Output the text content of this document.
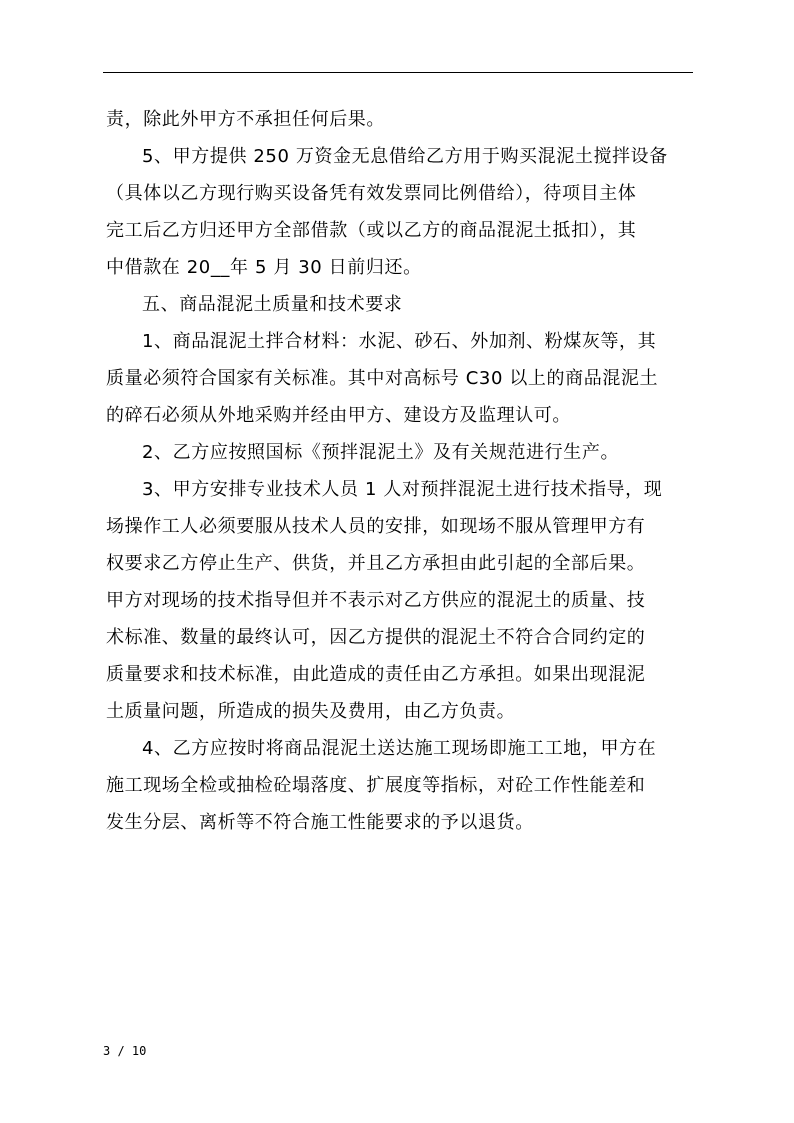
责，除此外甲方不承担任何后果。
5、甲方提供 250 万资金无息借给乙方用于购买混泥土搅拌设备
（具体以乙方现行购买设备凭有效发票同比例借给），待项目主体
完工后乙方归还甲方全部借款（或以乙方的商品混泥土抵扣），其
中借款在 20__年 5 月 30 日前归还。
五、商品混泥土质量和技术要求
1、商品混泥土拌合材料：水泥、砂石、外加剂、粉煤灰等，其
质量必须符合国家有关标准。其中对高标号 C30 以上的商品混泥土
的碎石必须从外地采购并经由甲方、建设方及监理认可。
2、乙方应按照国标《预拌混泥土》及有关规范进行生产。
3、甲方安排专业技术人员 1 人对预拌混泥土进行技术指导，现
场操作工人必须要服从技术人员的安排，如现场不服从管理甲方有
权要求乙方停止生产、供货，并且乙方承担由此引起的全部后果。
甲方对现场的技术指导但并不表示对乙方供应的混泥土的质量、技
术标准、数量的最终认可，因乙方提供的混泥土不符合合同约定的
质量要求和技术标准，由此造成的责任由乙方承担。如果出现混泥
土质量问题，所造成的损失及费用，由乙方负责。
4、乙方应按时将商品混泥土送达施工现场即施工工地，甲方在
施工现场全检或抽检砼塌落度、扩展度等指标，对砼工作性能差和
发生分层、离析等不符合施工性能要求的予以退货。
3 / 10
